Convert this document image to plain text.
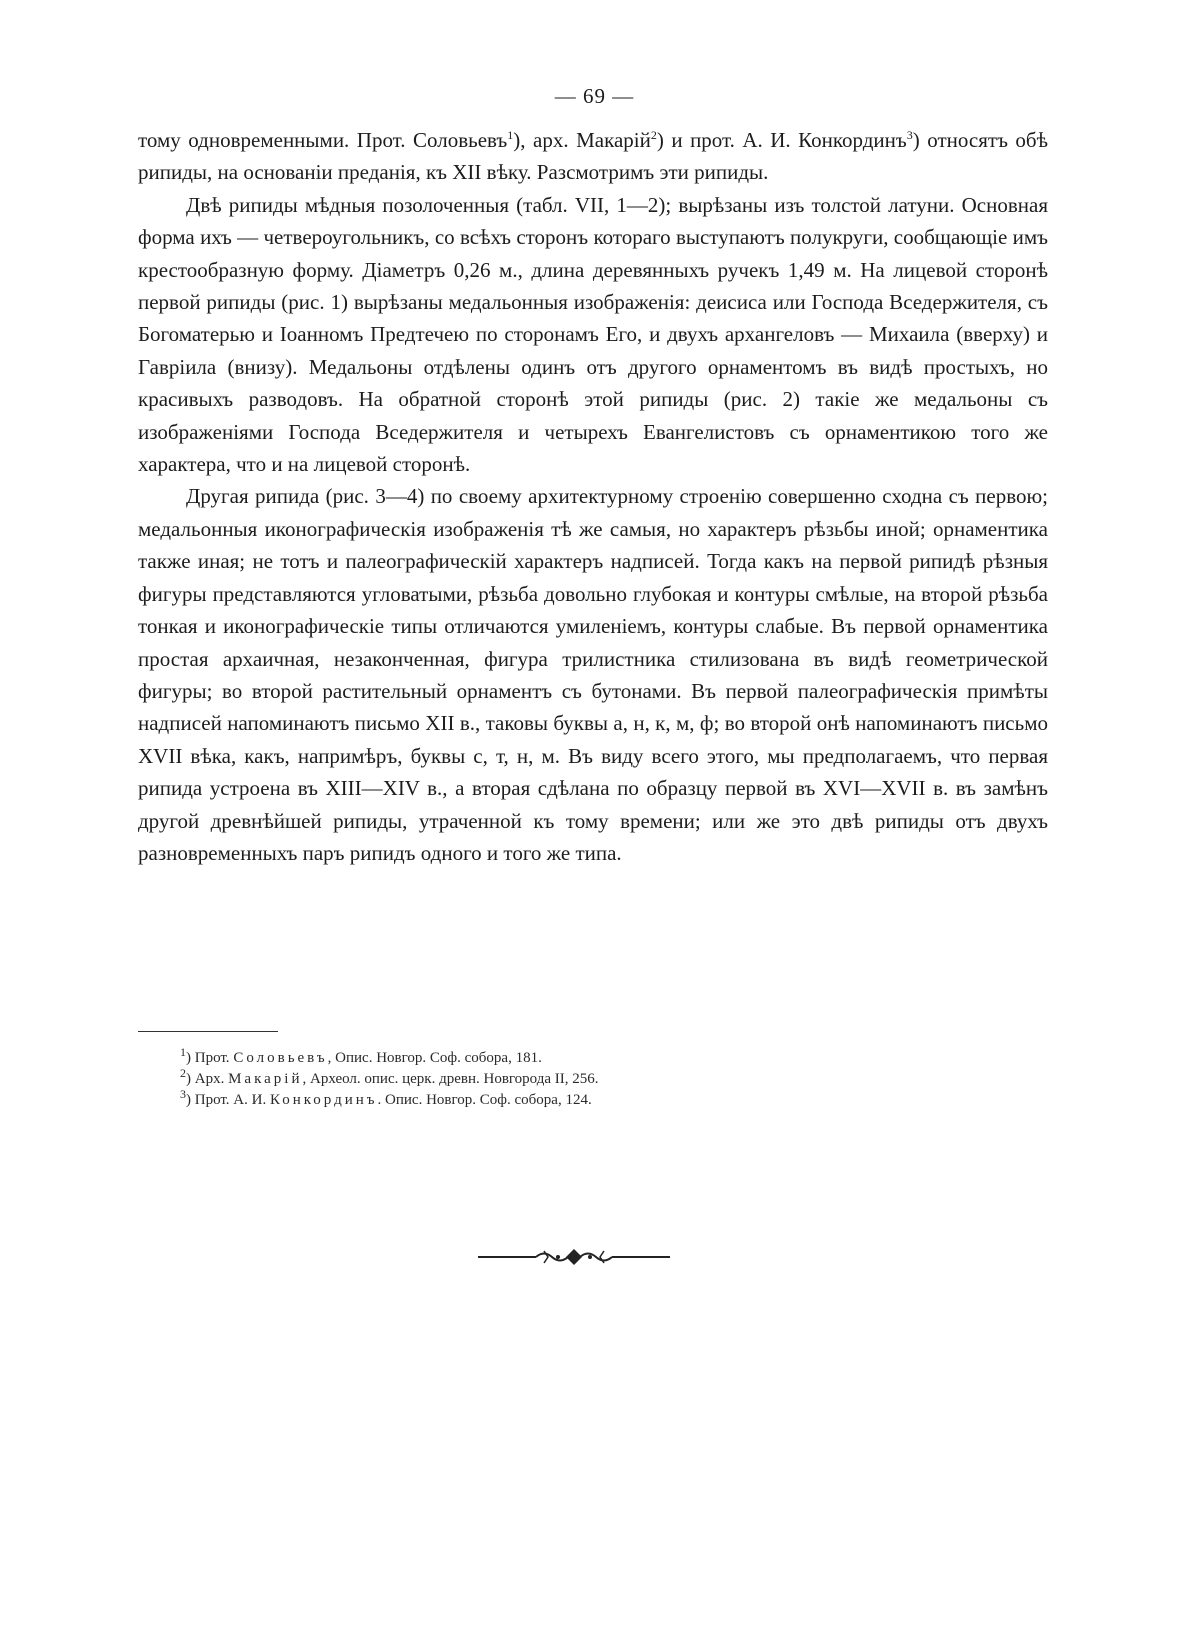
— 69 —

тому одновременными. Прот. Соловьевъ$^1$), арх. Макарій$^2$) и прот. А. И. Конкординъ$^3$) относятъ обѣ рипиды, на основаніи преданія, къ XII вѣку. Разсмотримъ эти рипиды.

Двѣ рипиды мѣдныя позолоченныя (табл. VII, 1—2); вырѣзаны изъ толстой латуни. Основная форма ихъ — четвероугольникъ, со всѣхъ сторонъ котораго выступаютъ полукруги, сообщающіе имъ крестообразную форму. Діаметръ 0,26 м., длина деревянныхъ ручекъ 1,49 м. На лицевой сторонѣ первой рипиды (рис. 1) вырѣзаны медальонныя изображенія: деисиса или Господа Вседержителя, съ Богоматерью и Іоанномъ Предтечею по сторонамъ Его, и двухъ архангеловъ — Михаила (вверху) и Гавріила (внизу). Медальоны отдѣлены одинъ отъ другого орнаментомъ въ видѣ простыхъ, но красивыхъ разводовъ. На обратной сторонѣ этой рипиды (рис. 2) такіе же медальоны съ изображеніями Господа Вседержителя и четырехъ Евангелистовъ съ орнаментикою того же характера, что и на лицевой сторонѣ.

Другая рипида (рис. 3—4) по своему архитектурному строенію совершенно сходна съ первою; медальонныя иконографическія изображенія тѣ же самыя, но характеръ рѣзьбы иной; орнаментика также иная; не тотъ и палеографическій характеръ надписей. Тогда какъ на первой рипидѣ рѣзныя фигуры представляются угловатыми, рѣзьба довольно глубокая и контуры смѣлые, на второй рѣзьба тонкая и иконографическіе типы отличаются умиленіемъ, контуры слабые. Въ первой орнаментика простая архаичная, незаконченная, фигура трилистника стилизована въ видѣ геометрической фигуры; во второй растительный орнаментъ съ бутонами. Въ первой палеографическія примѣты надписей напоминаютъ письмо XII в., таковы буквы а, н, к, м, ф; во второй онѣ напоминаютъ письмо XVII вѣка, какъ, напримѣръ, буквы с, т, н, м. Въ виду всего этого, мы предполагаемъ, что первая рипида устроена въ XIII—XIV в., а вторая сдѣлана по образцу первой въ XVI—XVII в. въ замѣнъ другой древнѣйшей рипиды, утраченной къ тому времени; или же это двѣ рипиды отъ двухъ разновременныхъ паръ рипидъ одного и того же типа.

$^1$) Прот. Соловьевъ, Опис. Новгор. Соф. собора, 181.
$^2$) Арх. Макарій, Археол. опис. церк. древн. Новгорода II, 256.
$^3$) Прот. А. И. Конкординъ. Опис. Новгор. Соф. собора, 124.
